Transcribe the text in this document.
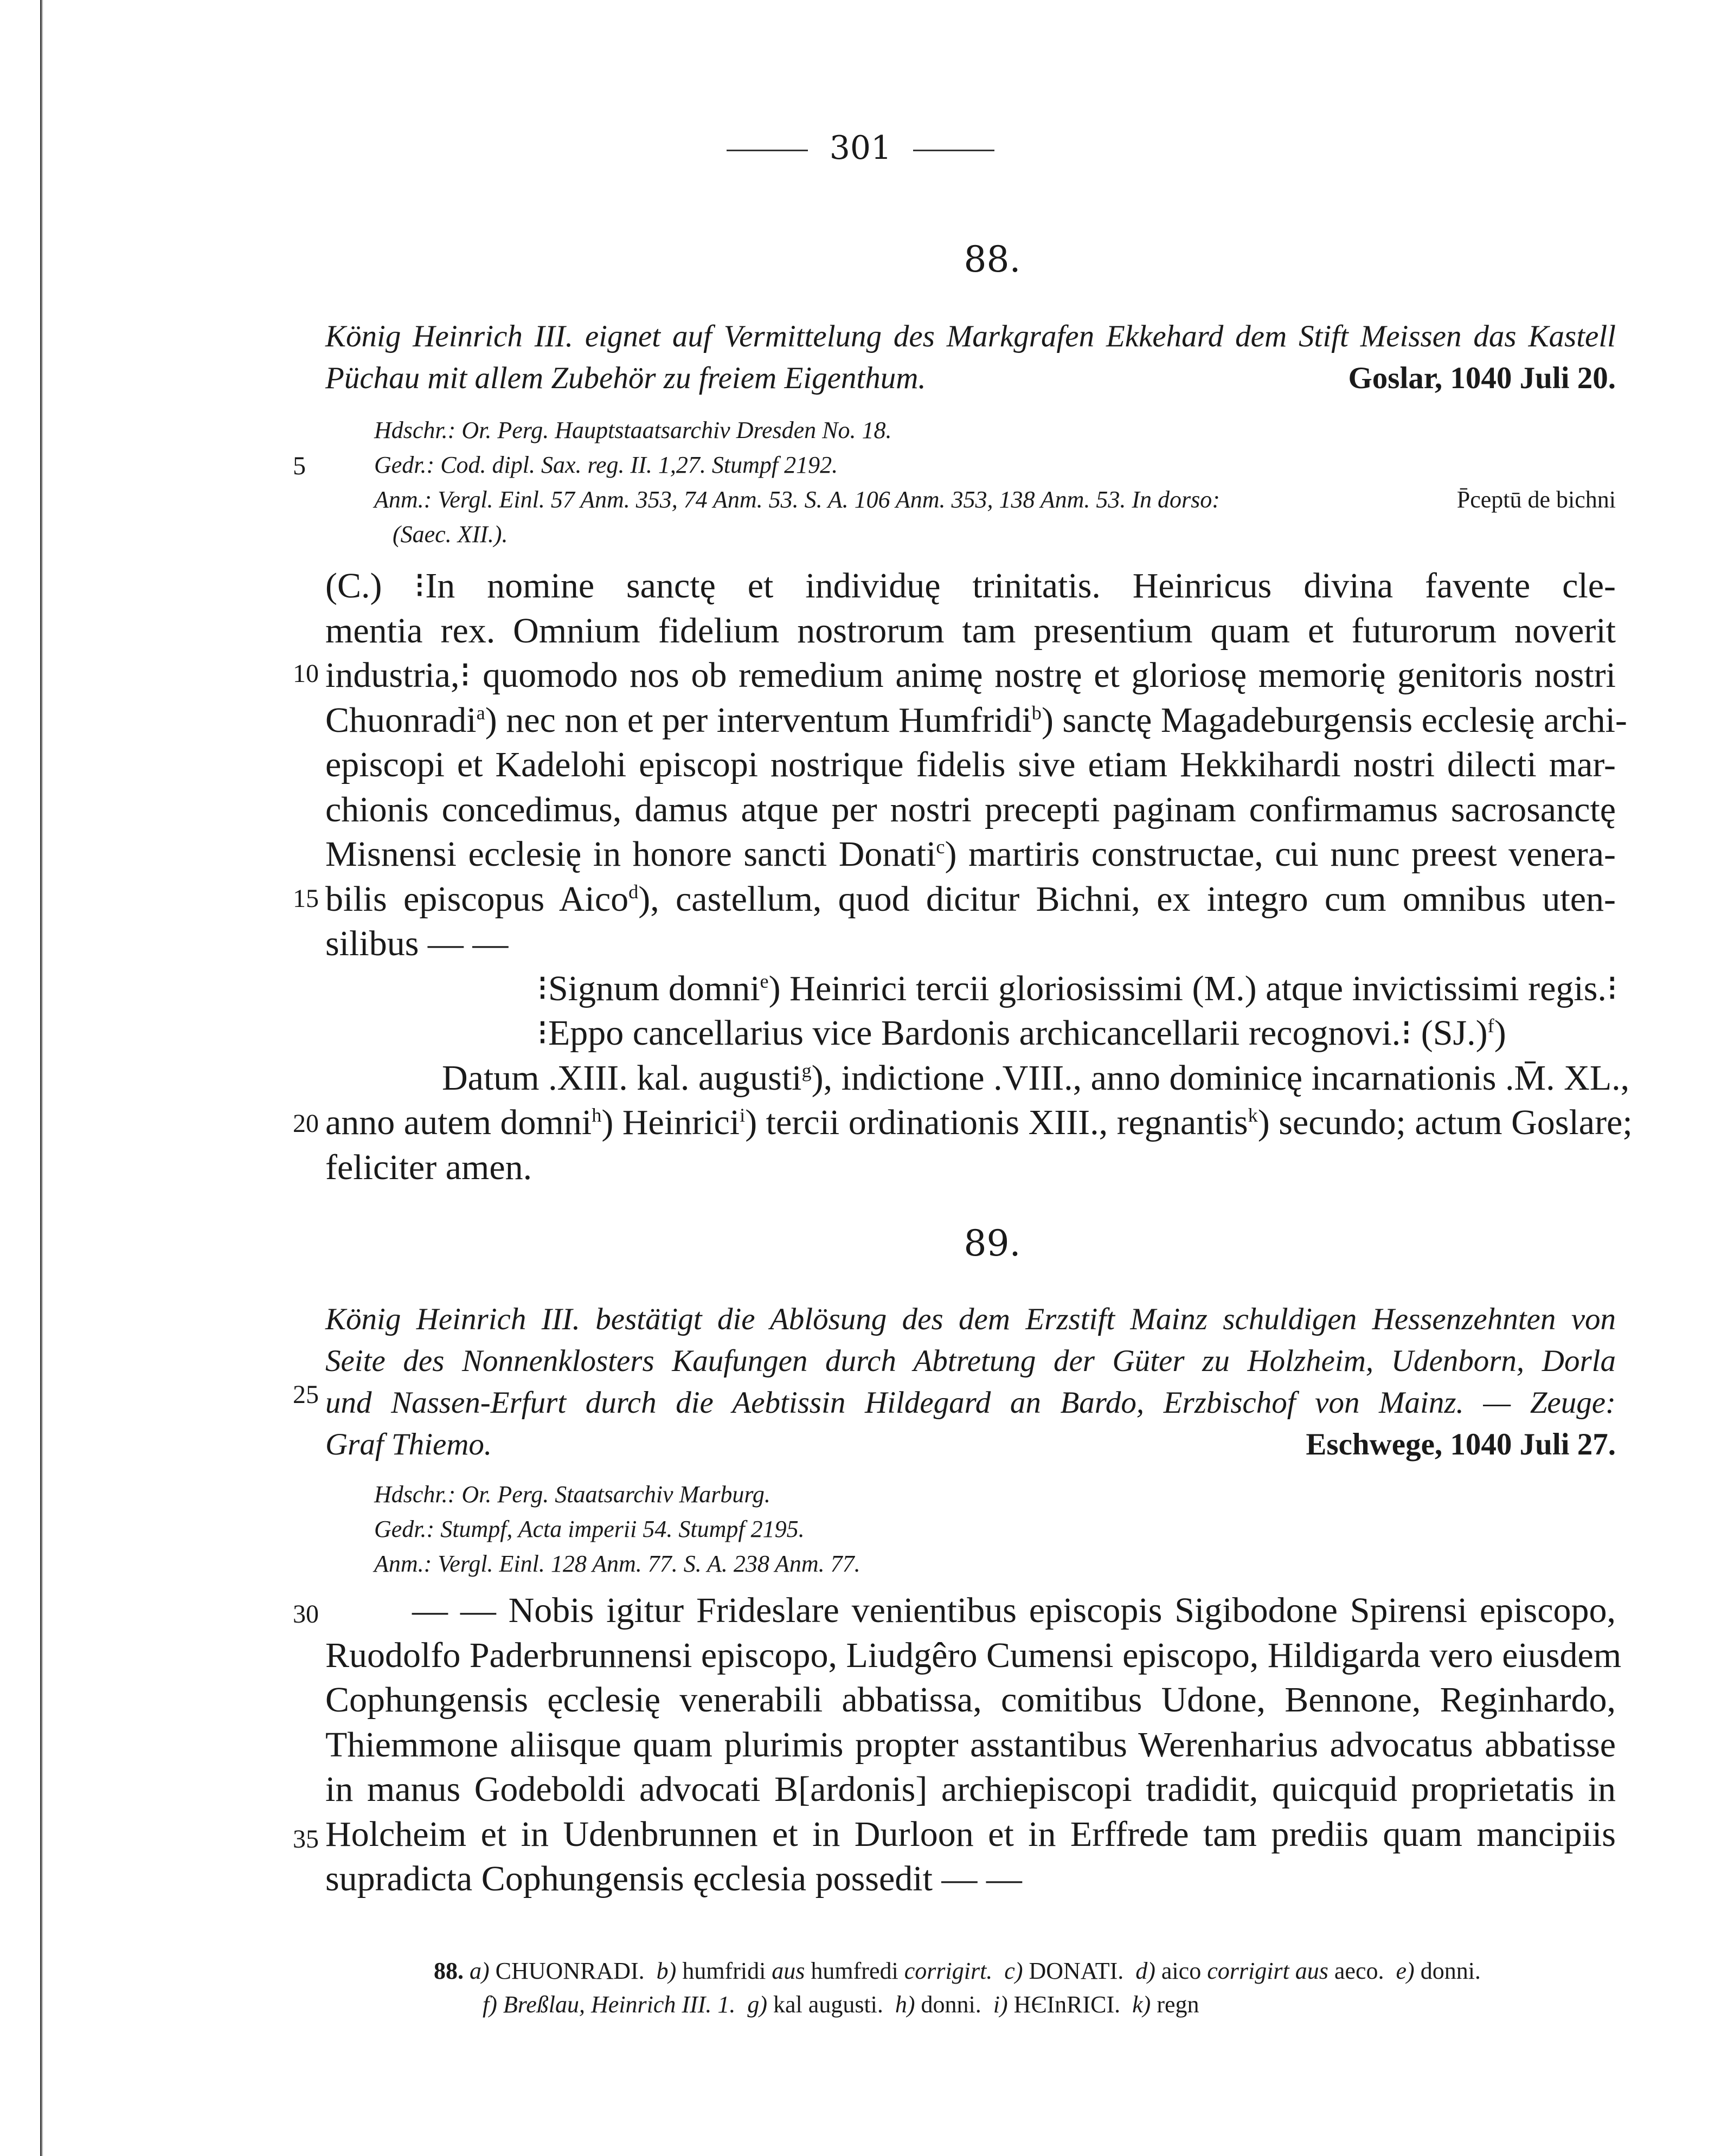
301
88.
König Heinrich III. eignet auf Vermittelung des Markgrafen Ekkehard dem Stift Meissen das Kastell
Püchau mit allem Zubehör zu freiem Eigenthum.	Goslar, 1040 Juli 20.
Hdschr.: Or. Perg. Hauptstaatsarchiv Dresden No. 18.
Gedr.: Cod. dipl. Sax. reg. II. 1,27. Stumpf 2192.
Anm.: Vergl. Einl. 57 Anm. 353, 74 Anm. 53. S. A. 106 Anm. 353, 138 Anm. 53. In dorso:	P̄ceptū de bichni
(Saec. XII.).
(C.) ⁝In nomine sanctę et individuę trinitatis. Heinricus divina favente cle-
mentia rex. Omnium fidelium nostrorum tam presentium quam et futurorum noverit
industria,⁝ quomodo nos ob remedium animę nostrę et gloriosę memorię genitoris nostri
Chuonradi$^a$) nec non et per interventum Humfridi$^b$) sanctę Magadeburgensis ecclesię archi-
episcopi et Kadelohi episcopi nostrique fidelis sive etiam Hekkihardi nostri dilecti mar-
chionis concedimus, damus atque per nostri precepti paginam confirmamus sacrosanctę
Misnensi ecclesię in honore sancti Donati$^c$) martiris constructae, cui nunc preest venera-
bilis episcopus Aico$^d$), castellum, quod dicitur Bichni, ex integro cum omnibus uten-
silibus — —
⁝Signum domni$^e$) Heinrici tercii gloriosissimi (M.) atque invictissimi regis.⁝
⁝Eppo cancellarius vice Bardonis archicancellarii recognovi.⁝ $(SJ.)^f$)
Datum .XIII. kal. augusti$^g$), indictione .VIII., anno dominicę incarnationis .M̄. XL.,
anno autem domni$^h$) Heinrici$^i$) tercii ordinationis XIII., regnantis$^k$) secundo; actum Goslare;
feliciter amen.
89.
König Heinrich III. bestätigt die Ablösung des dem Erzstift Mainz schuldigen Hessenzehnten von
Seite des Nonnenklosters Kaufungen durch Abtretung der Güter zu Holzheim, Udenborn, Dorla
und Nassen-Erfurt durch die Aebtissin Hildegard an Bardo, Erzbischof von Mainz. — Zeuge:
Graf Thiemo.	Eschwege, 1040 Juli 27.
Hdschr.: Or. Perg. Staatsarchiv Marburg.
Gedr.: Stumpf, Acta imperii 54. Stumpf 2195.
Anm.: Vergl. Einl. 128 Anm. 77. S. A. 238 Anm. 77.
— — Nobis igitur Frideslare venientibus episcopis Sigibodone Spirensi episcopo,
Ruodolfo Paderbrunnensi episcopo, Liudgêro Cumensi episcopo, Hildigarda vero eiusdem
Cophungensis ęcclesię venerabili abbatissa, comitibus Udone, Bennone, Reginhardo,
Thiemmone aliisque quam plurimis propter asstantibus Werenharius advocatus abbatisse
in manus Godeboldi advocati B[ardonis] archiepiscopi tradidit, quicquid proprietatis in
Holcheim et in Udenbrunnen et in Durloon et in Erffrede tam prediis quam mancipiis
supradicta Cophungensis ęcclesia possedit — —
5
10
15
20
25
30
35
88. a) CHUONRADI. b) humfridi aus humfredi corrigirt. c) DONATI. d) aico corrigirt aus aeco. e) donni.
f) Breßlau, Heinrich III. 1. g) kal augusti. h) donni. i) HЄInRICI. k) regn
